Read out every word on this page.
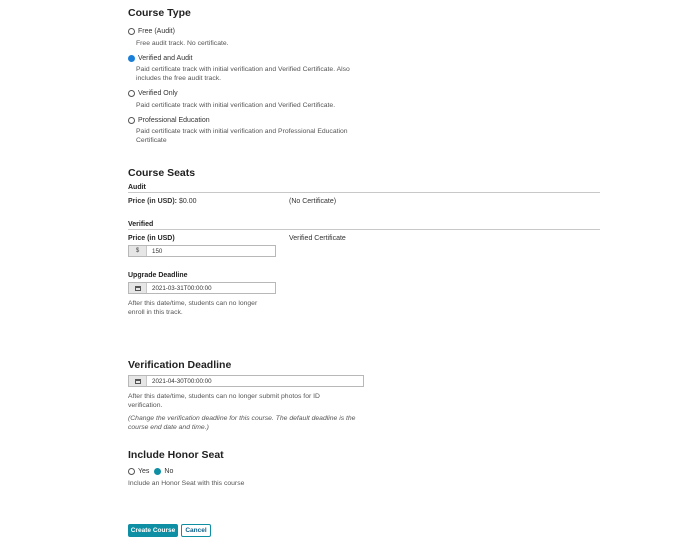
Course Type
Free (Audit)
Free audit track. No certificate.
Verified and Audit
Paid certificate track with initial verification and Verified Certificate. Also
includes the free audit track.
Verified Only
Paid certificate track with initial verification and Verified Certificate.
Professional Education
Paid certificate track with initial verification and Professional Education
Certificate
Course Seats
Audit
Price (in USD): $0.00	(No Certificate)
Verified
Price (in USD)	Verified Certificate
$	150
Upgrade Deadline
2021-03-31T00:00:00
After this date/time, students can no longer
enroll in this track.
Verification Deadline
2021-04-30T00:00:00
After this date/time, students can no longer submit photos for ID
verification.
(Change the verification deadline for this course. The default deadline is the
course end date and time.)
Include Honor Seat
Yes No
Include an Honor Seat with this course
Create Course	Cancel
